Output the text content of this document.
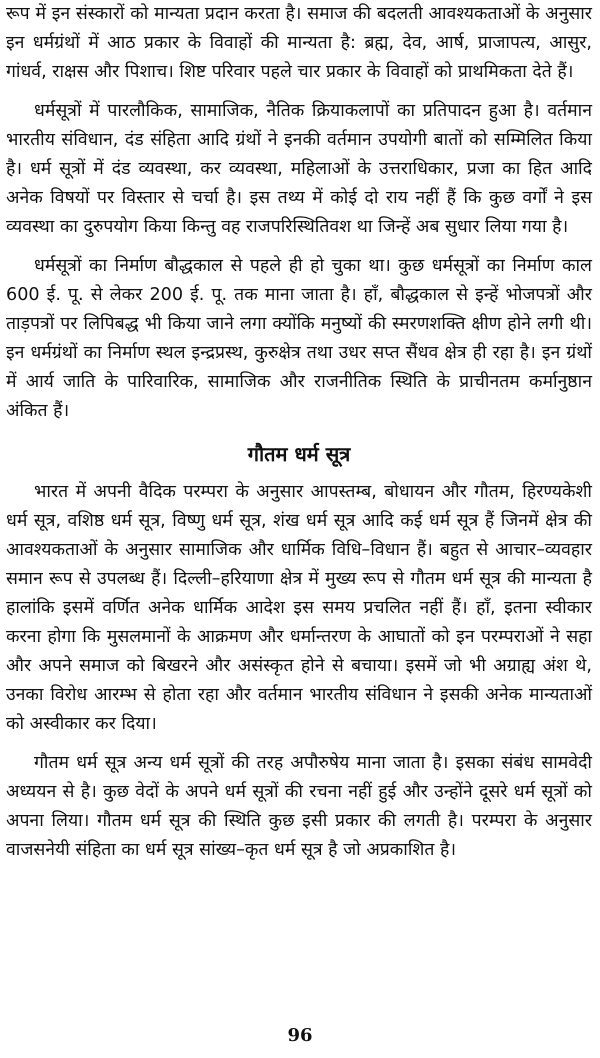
रूप में इन संस्कारों को मान्यता प्रदान करता है। समाज की बदलती आवश्यकताओं के अनुसार इन धर्मग्रंथों में आठ प्रकार के विवाहों की मान्यता है: ब्रह्म, देव, आर्ष, प्राजापत्य, आसुर, गांधर्व, राक्षस और पिशाच। शिष्ट परिवार पहले चार प्रकार के विवाहों को प्राथमिकता देते हैं।

धर्मसूत्रों में पारलौकिक, सामाजिक, नैतिक क्रियाकलापों का प्रतिपादन हुआ है। वर्तमान भारतीय संविधान, दंड संहिता आदि ग्रंथों ने इनकी वर्तमान उपयोगी बातों को सम्मिलित किया है। धर्म सूत्रों में दंड व्यवस्था, कर व्यवस्था, महिलाओं के उत्तराधिकार, प्रजा का हित आदि अनेक विषयों पर विस्तार से चर्चा है। इस तथ्य में कोई दो राय नहीं हैं कि कुछ वर्गों ने इस व्यवस्था का दुरुपयोग किया किन्तु वह राजपरिस्थितिवश था जिन्हें अब सुधार लिया गया है।

धर्मसूत्रों का निर्माण बौद्धकाल से पहले ही हो चुका था। कुछ धर्मसूत्रों का निर्माण काल 600 ई. पू. से लेकर 200 ई. पू. तक माना जाता है। हाँ, बौद्धकाल से इन्हें भोजपत्रों और ताड़पत्रों पर लिपिबद्ध भी किया जाने लगा क्योंकि मनुष्यों की स्मरणशक्ति क्षीण होने लगी थी। इन धर्मग्रंथों का निर्माण स्थल इन्द्रप्रस्थ, कुरुक्षेत्र तथा उधर सप्त सैंधव क्षेत्र ही रहा है। इन ग्रंथों में आर्य जाति के पारिवारिक, सामाजिक और राजनीतिक स्थिति के प्राचीनतम कर्मानुष्ठान अंकित हैं।

गौतम धर्म सूत्र

भारत में अपनी वैदिक परम्परा के अनुसार आपस्तम्ब, बोधायन और गौतम, हिरण्यकेशी धर्म सूत्र, वशिष्ठ धर्म सूत्र, विष्णु धर्म सूत्र, शंख धर्म सूत्र आदि कई धर्म सूत्र हैं जिनमें क्षेत्र की आवश्यकताओं के अनुसार सामाजिक और धार्मिक विधि–विधान हैं। बहुत से आचार–व्यवहार समान रूप से उपलब्ध हैं। दिल्ली–हरियाणा क्षेत्र में मुख्य रूप से गौतम धर्म सूत्र की मान्यता है हालांकि इसमें वर्णित अनेक धार्मिक आदेश इस समय प्रचलित नहीं हैं। हाँ, इतना स्वीकार करना होगा कि मुसलमानों के आक्रमण और धर्मान्तरण के आघातों को इन परम्पराओं ने सहा और अपने समाज को बिखरने और असंस्कृत होने से बचाया। इसमें जो भी अग्राह्य अंश थे, उनका विरोध आरम्भ से होता रहा और वर्तमान भारतीय संविधान ने इसकी अनेक मान्यताओं को अस्वीकार कर दिया।

गौतम धर्म सूत्र अन्य धर्म सूत्रों की तरह अपौरुषेय माना जाता है। इसका संबंध सामवेदी अध्ययन से है। कुछ वेदों के अपने धर्म सूत्रों की रचना नहीं हुई और उन्होंने दूसरे धर्म सूत्रों को अपना लिया। गौतम धर्म सूत्र की स्थिति कुछ इसी प्रकार की लगती है। परम्परा के अनुसार वाजसनेयी संहिता का धर्म सूत्र सांख्य–कृत धर्म सूत्र है जो अप्रकाशित है।

96
